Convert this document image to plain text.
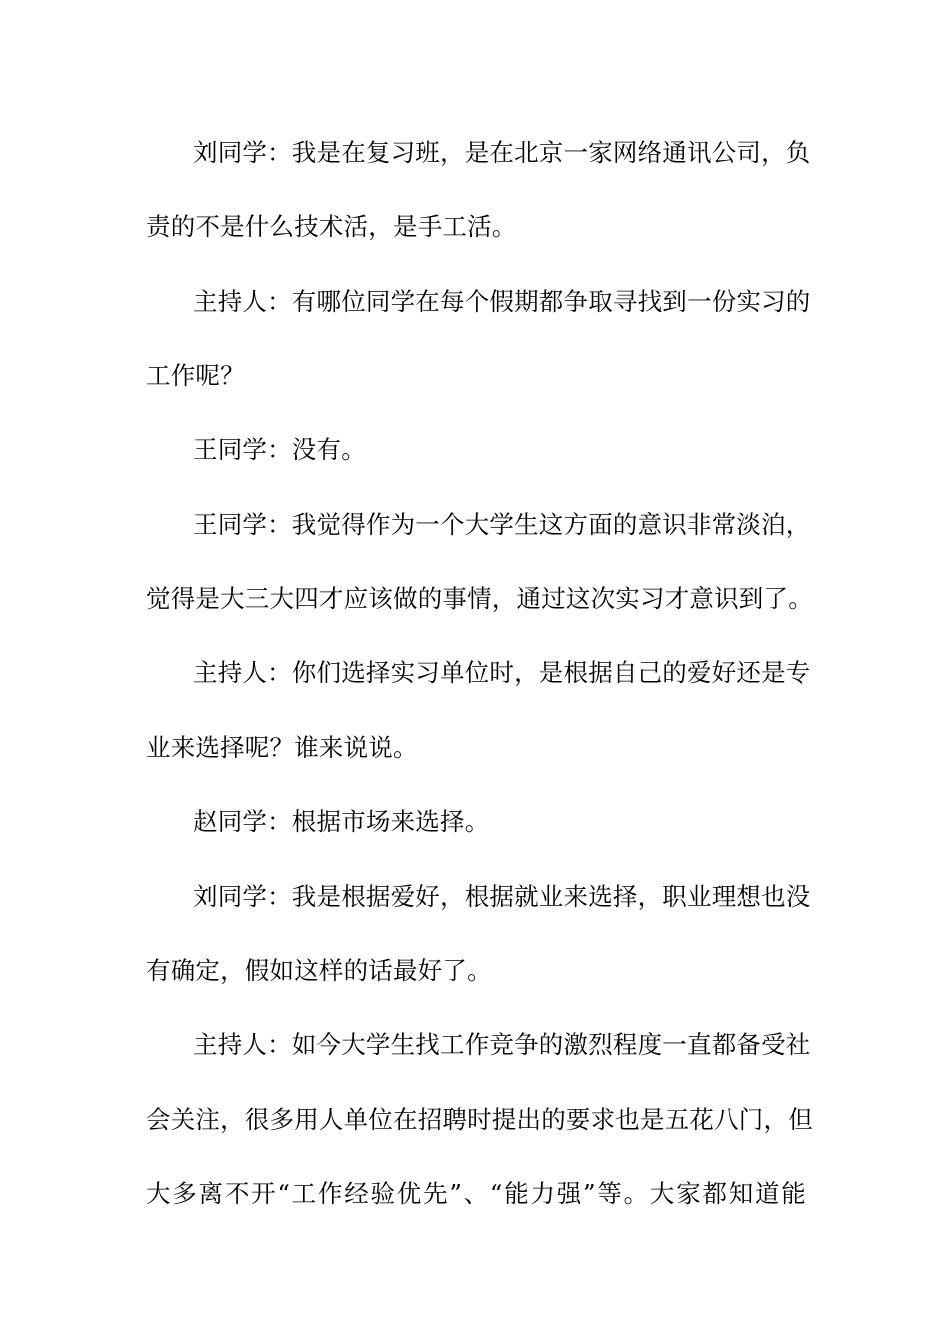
刘同学：我是在复习班，是在北京一家网络通讯公司，负
责的不是什么技术活，是手工活。
主持人：有哪位同学在每个假期都争取寻找到一份实习的
工作呢？
王同学：没有。
王同学：我觉得作为一个大学生这方面的意识非常淡泊，
觉得是大三大四才应该做的事情，通过这次实习才意识到了。
主持人：你们选择实习单位时，是根据自己的爱好还是专
业来选择呢？谁来说说。
赵同学：根据市场来选择。
刘同学：我是根据爱好，根据就业来选择，职业理想也没
有确定，假如这样的话最好了。
主持人：如今大学生找工作竞争的激烈程度一直都备受社
会关注，很多用人单位在招聘时提出的要求也是五花八门，但
大多离不开“工作经验优先”、“能力强”等。大家都知道能
